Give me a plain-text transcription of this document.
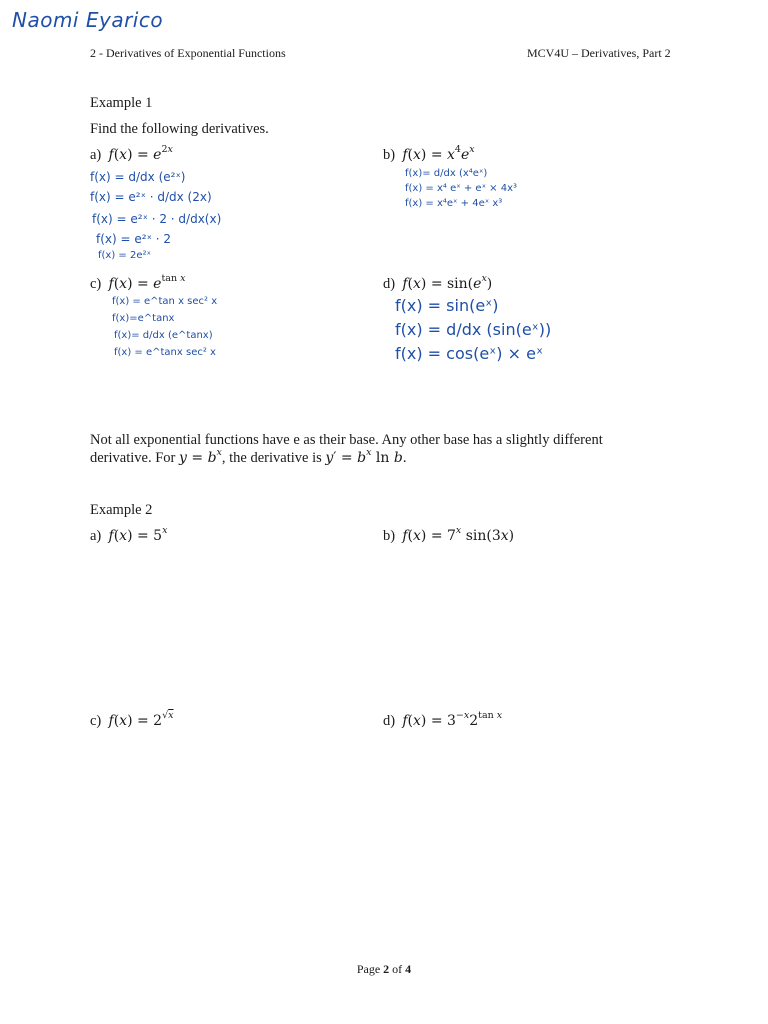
Naomi Eyarico
2 - Derivatives of Exponential Functions	MCV4U – Derivatives, Part 2
Example 1
Find the following derivatives.
a) $f(x) = e^{2x}$
f(x) = d/dx (e²ˣ)
f(x) = e²ˣ · d/dx (2x)
f(x) = e²ˣ · 2 · d/dx(x)
f(x) = e²ˣ · 2
f(x) = 2e²ˣ
b) $f(x) = x^4e^x$
f(x)= d/dx (x⁴eˣ)
f(x) = x⁴ eˣ + eˣ × 4x³
f(x) = x⁴eˣ + 4eˣ x³
c) $f(x) = e^{tan x}$
f(x) = e^tan x sec² x
f(x)=e^tanx
f(x)= d/dx (e^tanx)
f(x) = e^tanx sec² x
d) $f(x) = \sin(e^x)$
f(x) = sin(eˣ)
f(x) = d/dx (sin(eˣ))
f(x) = cos(eˣ) × eˣ
Not all exponential functions have e as their base. Any other base has a slightly different
derivative. For $y = b^x$, the derivative is $y' = b^x$ ln b.
Example 2
a) $f(x) = 5^x$	b) $f(x) = 7^x$ sin(3x)
c) $f(x) = 2^{√x}$	d) $f(x) = 3^{-x}2^{tan x}$
Page 2 of 4
